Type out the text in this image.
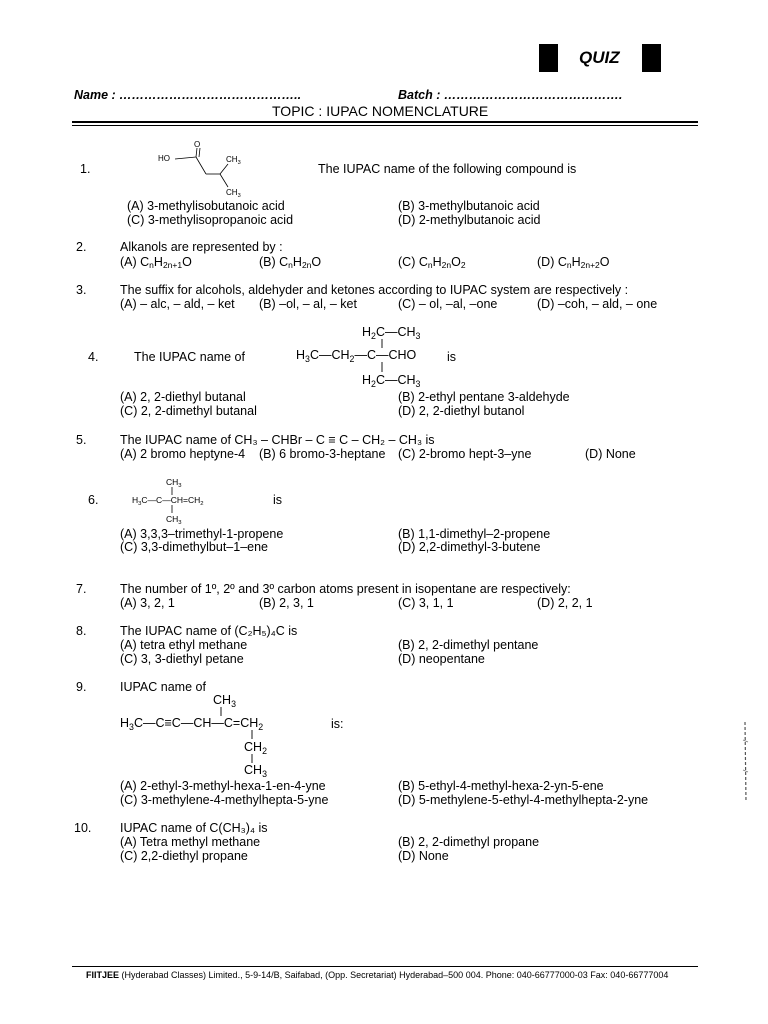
QUIZ
Name : ……………………………………..	Batch : …………………………………….
TOPIC : IUPAC NOMENCLATURE
1.
O
HO	$CH_3$
$CH_3$
The IUPAC name of the following compound is
(A) 3-methylisobutanoic acid	(B) 3-methylbutanoic acid
(C) 3-methylisopropanoic acid	(D) 2-methylbutanoic acid
2.	Alkanols are represented by :
(A) $C_nH_{2n+1}O$	(B) $C_nH_{2n}O$	(C) $C_nH_{2n}O_2$	(D) $C_nH_{2n+2}O$
3.	The suffix for alcohols, aldehyder and ketones according to IUPAC system are respectively :
(A) – alc, – ald, – ket (B) –ol, – al, – ket	(C) – ol, –al, –one	(D) –coh, – ald, – one
4.	The IUPAC name of
$H_2C—CH_3$
$H_3C—CH_2—C—CHO$
$H_2C—CH_3$
is
(A) 2, 2-diethyl butanal	(B) 2-ethyl pentane 3-aldehyde
(C) 2, 2-dimethyl butanal	(D) 2, 2-diethyl butanol
5.	The IUPAC name of CH₃ – CHBr – C ≡ C – CH₂ – CH₃ is
(A) 2 bromo heptyne-4 (B) 6 bromo-3-heptane (C) 2-bromo hept-3–yne	(D) None
6.
$CH_3$
$H_3C—C—CH=CH_2$
$CH_3$
is
(A) 3,3,3–trimethyl-1-propene	(B) 1,1-dimethyl–2-propene
(C) 3,3-dimethylbut–1–ene	(D) 2,2-dimethyl-3-butene
7.	The number of 1º, 2º and 3º carbon atoms present in isopentane are respectively:
(A) 3, 2, 1	(B) 2, 3, 1	(C) 3, 1, 1	(D) 2, 2, 1
8.	The IUPAC name of (C₂H₅)₄C is
(A) tetra ethyl methane	(B) 2, 2-dimethyl pentane
(C) 3, 3-diethyl petane	(D) neopentane
9.	IUPAC name of
$CH_3$
$H_3C—C\equiv C—CH—C=CH_2$
$CH_2$
$CH_3$
is:
(A) 2-ethyl-3-methyl-hexa-1-en-4-yne	(B) 5-ethyl-4-methyl-hexa-2-yn-5-ene
(C) 3-methylene-4-methylhepta-5-yne	(D) 5-methylene-5-ethyl-4-methylhepta-2-yne
10. IUPAC name of C(CH₃)₄ is
(A) Tetra methyl methane	(B) 2, 2-dimethyl propane
(C) 2,2-diethyl propane	(D) None
FIITJEE (Hyderabad Classes) Limited., 5-9-14/B, Saifabad, (Opp. Secretariat) Hyderabad–500 004. Phone: 040-66777000-03 Fax: 040-66777004
